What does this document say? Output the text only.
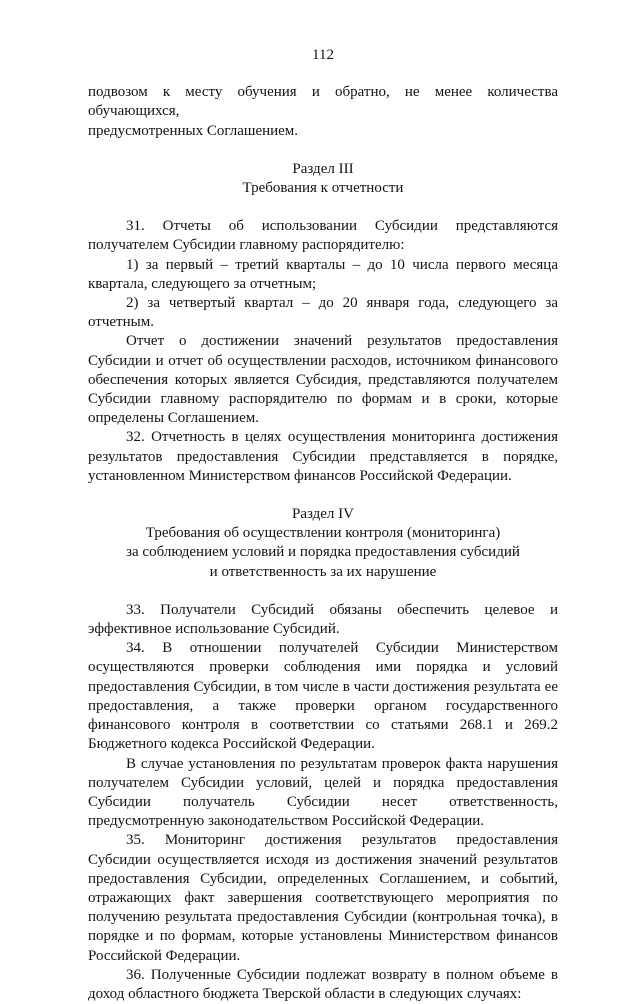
112

подвозом к месту обучения и обратно, не менее количества обучающихся,

предусмотренных Соглашением.

Раздел III
Требования к отчетности

31. Отчеты об использовании Субсидии представляются получателем Субсидии главному распорядителю:

1) за первый – третий кварталы – до 10 числа первого месяца квартала, следующего за отчетным;

2) за четвертый квартал – до 20 января года, следующего за отчетным.

Отчет о достижении значений результатов предоставления Субсидии и отчет об осуществлении расходов, источником финансового обеспечения которых является Субсидия, представляются получателем Субсидии главному распорядителю по формам и в сроки, которые определены Соглашением.

32. Отчетность в целях осуществления мониторинга достижения результатов предоставления Субсидии представляется в порядке, установленном Министерством финансов Российской Федерации.

Раздел IV
Требования об осуществлении контроля (мониторинга)
за соблюдением условий и порядка предоставления субсидий
и ответственность за их нарушение

33. Получатели Субсидий обязаны обеспечить целевое и эффективное использование Субсидий.

34. В отношении получателей Субсидии Министерством осуществляются проверки соблюдения ими порядка и условий предоставления Субсидии, в том числе в части достижения результата ее предоставления, а также проверки органом государственного финансового контроля в соответствии со статьями 268.1 и 269.2 Бюджетного кодекса Российской Федерации.

В случае установления по результатам проверок факта нарушения получателем Субсидии условий, целей и порядка предоставления Субсидии получатель Субсидии несет ответственность, предусмотренную законодательством Российской Федерации.

35. Мониторинг достижения результатов предоставления Субсидии осуществляется исходя из достижения значений результатов предоставления Субсидии, определенных Соглашением, и событий, отражающих факт завершения соответствующего мероприятия по получению результата предоставления Субсидии (контрольная точка), в порядке и по формам, которые установлены Министерством финансов Российской Федерации.

36. Полученные Субсидии подлежат возврату в полном объеме в доход областного бюджета Тверской области в следующих случаях:
